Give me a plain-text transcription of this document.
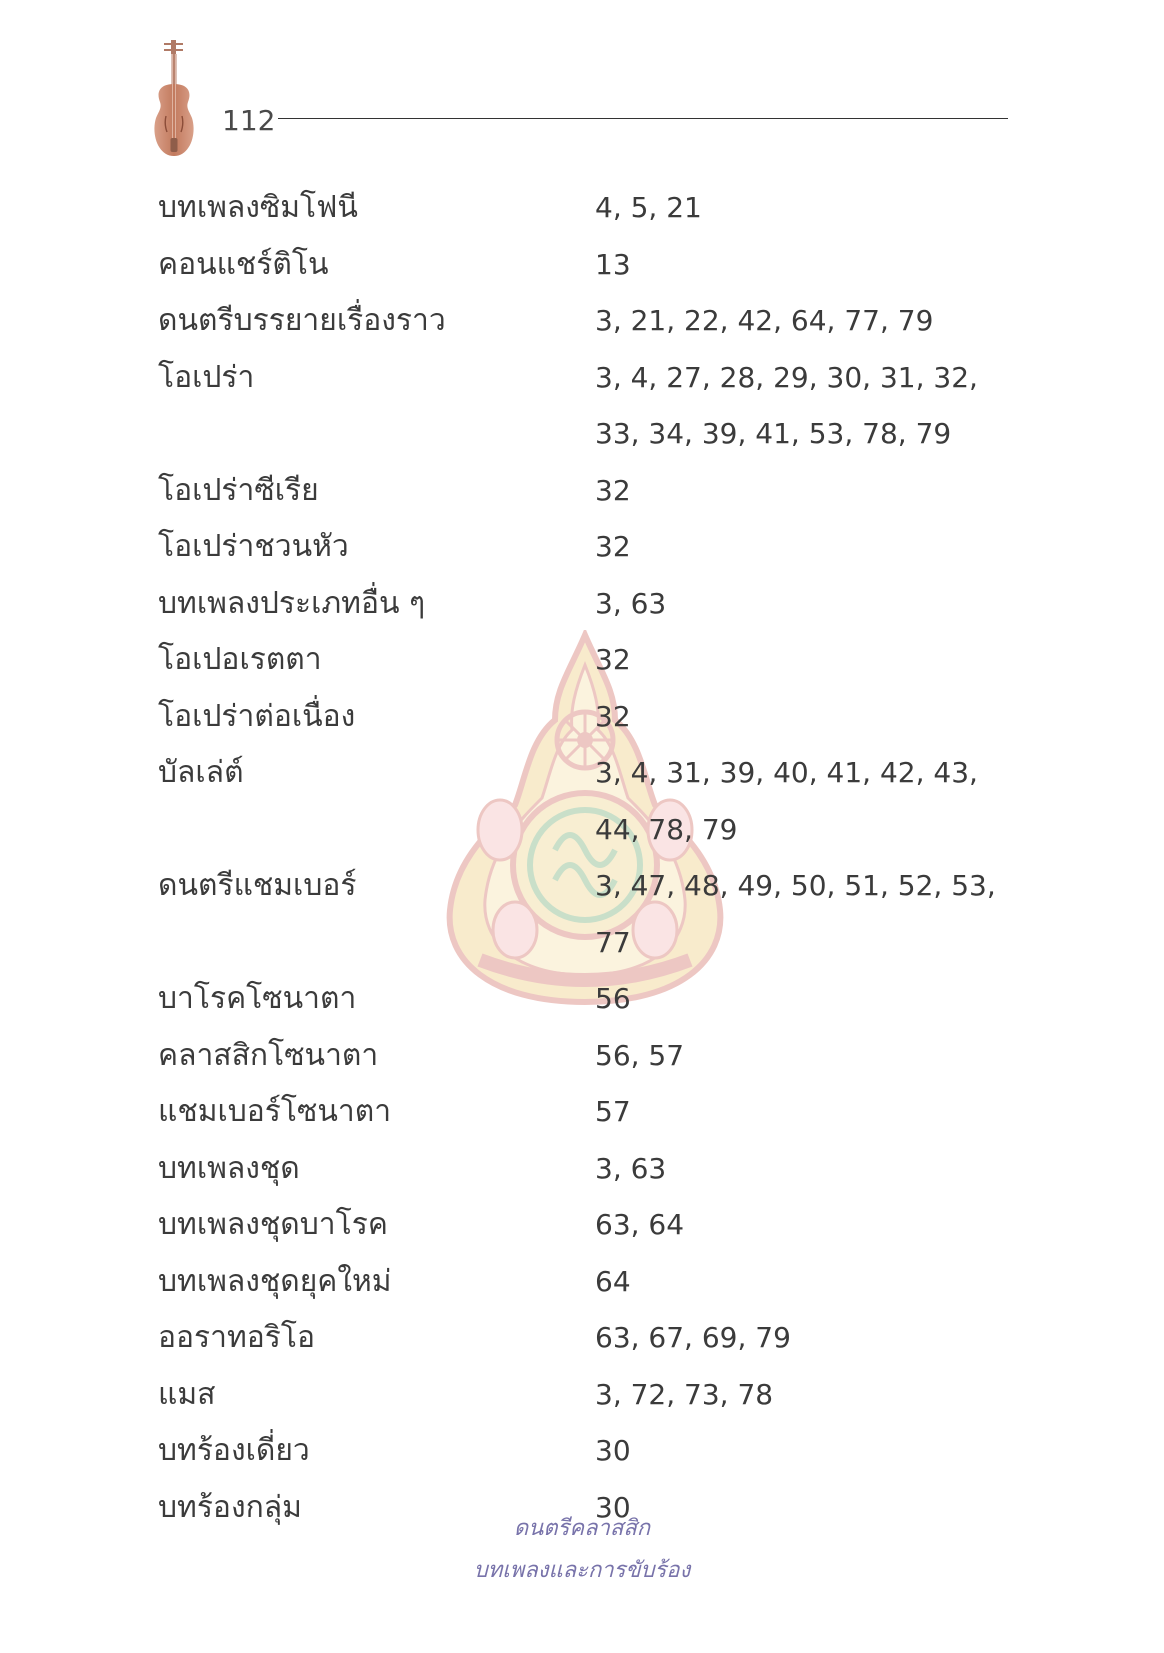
112
บทเพลงซิมโฟนี	4, 5, 21
คอนแชร์ติโน	13
ดนตรีบรรยายเรื่องราว	3, 21, 22, 42, 64, 77, 79
โอเปร่า	3, 4, 27, 28, 29, 30, 31, 32, 33, 34, 39, 41, 53, 78, 79
โอเปร่าซีเรีย	32
โอเปร่าชวนหัว	32
บทเพลงประเภทอื่น ๆ	3, 63
โอเปอเรตตา	32
โอเปร่าต่อเนื่อง	32
บัลเล่ต์	3, 4, 31, 39, 40, 41, 42, 43, 44, 78, 79
ดนตรีแชมเบอร์	3, 47, 48, 49, 50, 51, 52, 53, 77
บาโรคโซนาตา	56
คลาสสิกโซนาตา	56, 57
แชมเบอร์โซนาตา	57
บทเพลงชุด	3, 63
บทเพลงชุดบาโรค	63, 64
บทเพลงชุดยุคใหม่	64
ออราทอริโอ	63, 67, 69, 79
แมส	3, 72, 73, 78
บทร้องเดี่ยว	30
บทร้องกลุ่ม	30
ดนตรีคลาสสิก
บทเพลงและการขับร้อง
